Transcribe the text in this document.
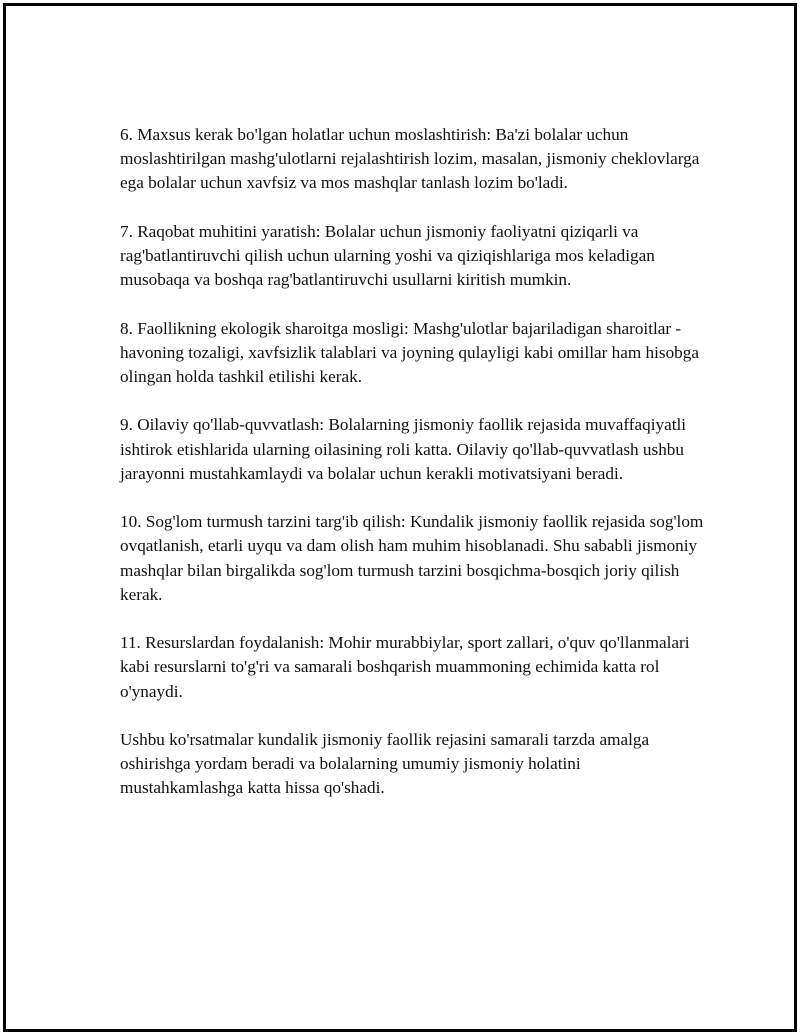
6. Maxsus kerak bo'lgan holatlar uchun moslashtirish: Ba'zi bolalar uchun moslashtirilgan mashg'ulotlarni rejalashtirish lozim, masalan, jismoniy cheklovlarga ega bolalar uchun xavfsiz va mos mashqlar tanlash lozim bo'ladi.

7. Raqobat muhitini yaratish: Bolalar uchun jismoniy faoliyatni qiziqarli va rag'batlantiruvchi qilish uchun ularning yoshi va qiziqishlariga mos keladigan musobaqa va boshqa rag'batlantiruvchi usullarni kiritish mumkin.

8. Faollikning ekologik sharoitga mosligi: Mashg'ulotlar bajariladigan sharoitlar - havoning tozaligi, xavfsizlik talablari va joyning qulayligi kabi omillar ham hisobga olingan holda tashkil etilishi kerak.

9. Oilaviy qo'llab-quvvatlash: Bolalarning jismoniy faollik rejasida muvaffaqiyatli ishtirok etishlarida ularning oilasining roli katta. Oilaviy qo'llab-quvvatlash ushbu jarayonni mustahkamlaydi va bolalar uchun kerakli motivatsiyani beradi.

10. Sog'lom turmush tarzini targ'ib qilish: Kundalik jismoniy faollik rejasida sog'lom ovqatlanish, etarli uyqu va dam olish ham muhim hisoblanadi. Shu sababli jismoniy mashqlar bilan birgalikda sog'lom turmush tarzini bosqichma-bosqich joriy qilish kerak.

11. Resurslardan foydalanish: Mohir murabbiylar, sport zallari, o'quv qo'llanmalari kabi resurslarni to'g'ri va samarali boshqarish muammoning echimida katta rol o'ynaydi.

Ushbu ko'rsatmalar kundalik jismoniy faollik rejasini samarali tarzda amalga oshirishga yordam beradi va bolalarning umumiy jismoniy holatini mustahkamlashga katta hissa qo'shadi.
